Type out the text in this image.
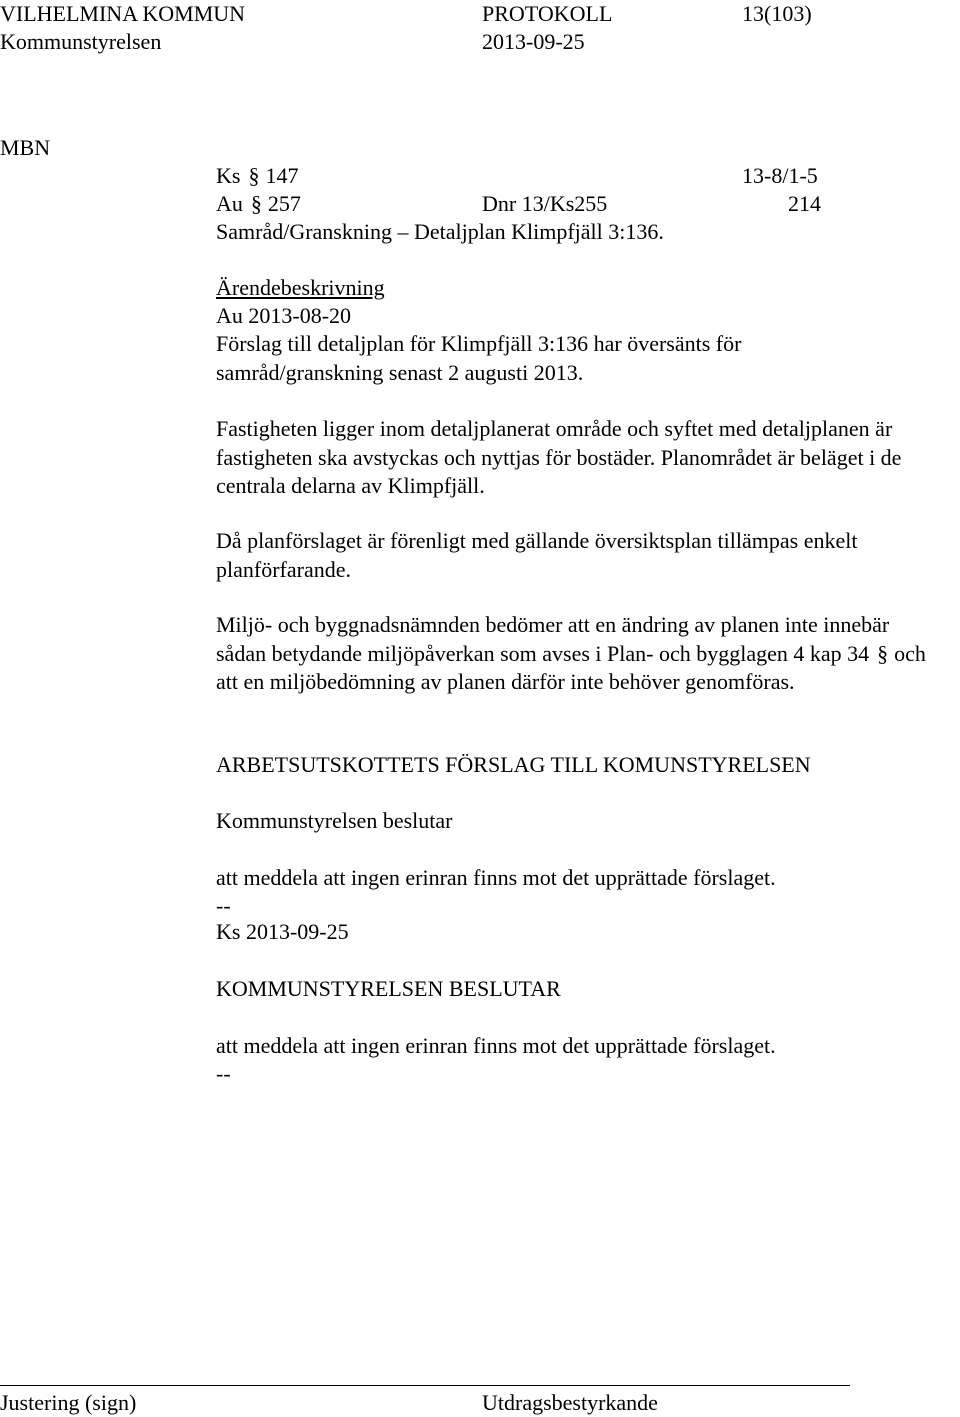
VILHELMINA KOMMUN	PROTOKOLL	13(103)
Kommunstyrelsen	2013-09-25
MBN
Ks § 147	13-8/1-5
Au § 257	Dnr 13/Ks255	214
Samråd/Granskning – Detaljplan Klimpfjäll 3:136.
Ärendebeskrivning
Au 2013-08-20

Förslag till detaljplan för Klimpfjäll 3:136 har översänts för samråd/granskning senast 2 augusti 2013.

Fastigheten ligger inom detaljplanerat område och syftet med detaljplanen är fastigheten ska avstyckas och nyttjas för bostäder. Planområdet är beläget i de centrala delarna av Klimpfjäll.

Då planförslaget är förenligt med gällande översiktsplan tillämpas enkelt planförfarande.

Miljö- och byggnadsnämnden bedömer att en ändring av planen inte innebär sådan betydande miljöpåverkan som avses i Plan- och bygglagen 4 kap 34 § och att en miljöbedömning av planen därför inte behöver genomföras.

ARBETSUTSKOTTETS FÖRSLAG TILL KOMUNSTYRELSEN
Kommunstyrelsen beslutar
att meddela att ingen erinran finns mot det upprättade förslaget.
--
Ks 2013-09-25
KOMMUNSTYRELSEN BESLUTAR
att meddela att ingen erinran finns mot det upprättade förslaget.
--
Justering (sign)	Utdragsbestyrkande
